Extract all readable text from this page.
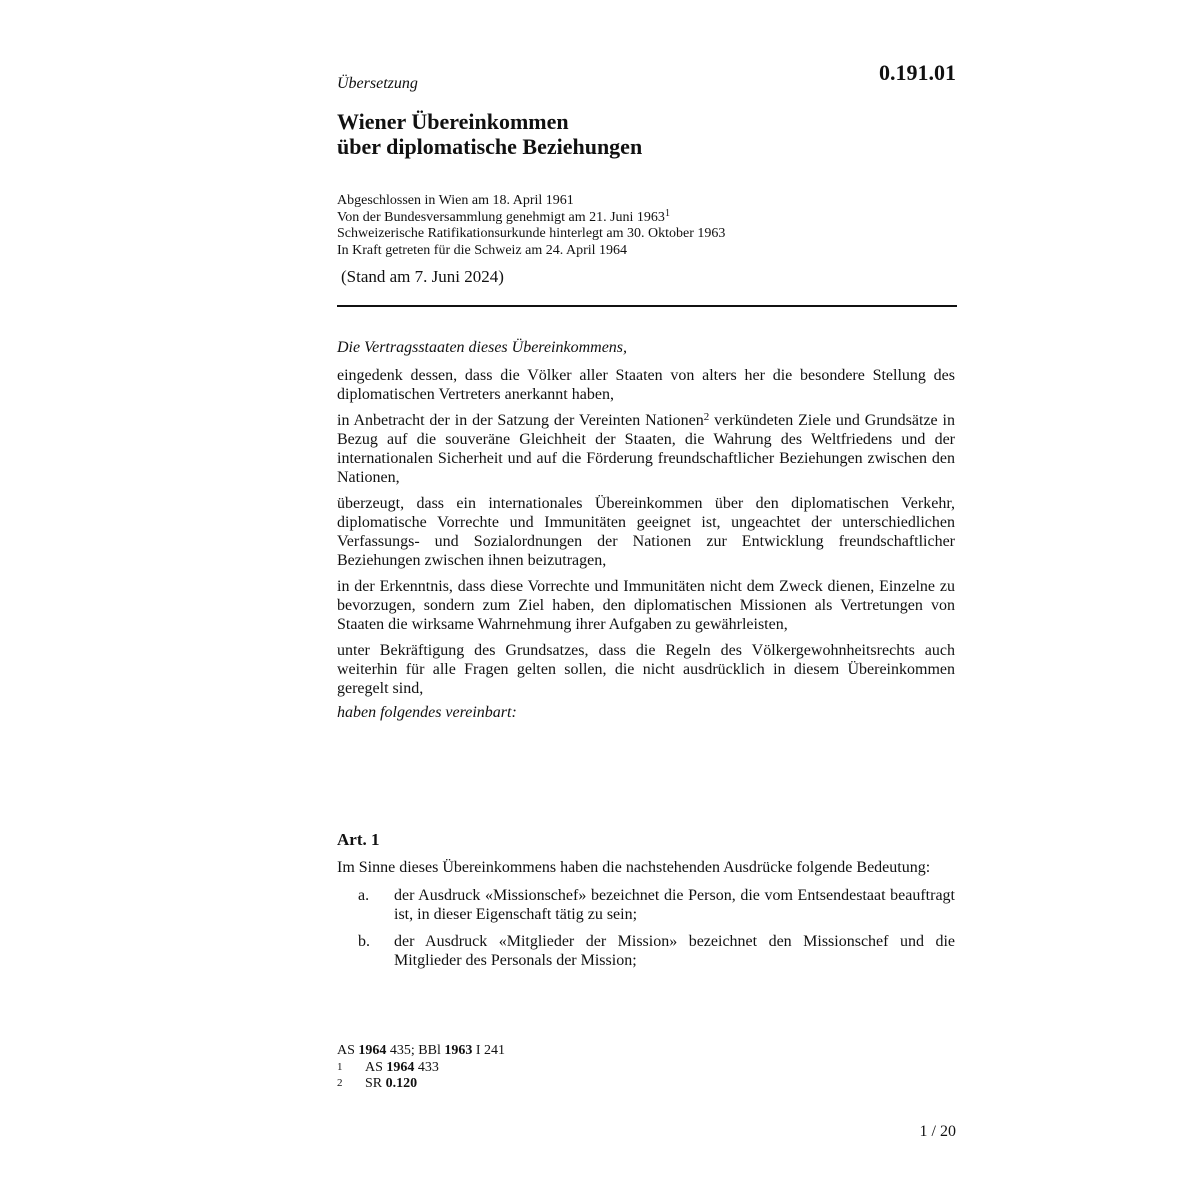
0.191.01
Übersetzung
Wiener Übereinkommen
über diplomatische Beziehungen
Abgeschlossen in Wien am 18. April 1961
Von der Bundesversammlung genehmigt am 21. Juni 1963$^1$
Schweizerische Ratifikationsurkunde hinterlegt am 30. Oktober 1963
In Kraft getreten für die Schweiz am 24. April 1964
(Stand am 7. Juni 2024)

Die Vertragsstaaten dieses Übereinkommens,

eingedenk dessen, dass die Völker aller Staaten von alters her die besondere Stellung des diplomatischen Vertreters anerkannt haben,

in Anbetracht der in der Satzung der Vereinten Nationen$^2$ verkündeten Ziele und Grundsätze in Bezug auf die souveräne Gleichheit der Staaten, die Wahrung des Weltfriedens und der internationalen Sicherheit und auf die Förderung freundschaftlicher Beziehungen zwischen den Nationen,

überzeugt, dass ein internationales Übereinkommen über den diplomatischen Verkehr, diplomatische Vorrechte und Immunitäten geeignet ist, ungeachtet der unterschiedlichen Verfassungs- und Sozialordnungen der Nationen zur Entwicklung freundschaftlicher Beziehungen zwischen ihnen beizutragen,

in der Erkenntnis, dass diese Vorrechte und Immunitäten nicht dem Zweck dienen, Einzelne zu bevorzugen, sondern zum Ziel haben, den diplomatischen Missionen als Vertretungen von Staaten die wirksame Wahrnehmung ihrer Aufgaben zu gewährleisten,

unter Bekräftigung des Grundsatzes, dass die Regeln des Völkergewohnheitsrechts auch weiterhin für alle Fragen gelten sollen, die nicht ausdrücklich in diesem Übereinkommen geregelt sind,

haben folgendes vereinbart:

Art. 1

Im Sinne dieses Übereinkommens haben die nachstehenden Ausdrücke folgende Bedeutung:

a.	der Ausdruck «Missionschef» bezeichnet die Person, die vom Entsendestaat beauftragt ist, in dieser Eigenschaft tätig zu sein;
b.	der Ausdruck «Mitglieder der Mission» bezeichnet den Missionschef und die Mitglieder des Personals der Mission;
AS 1964 435; BBl 1963 I 241
1	AS 1964 433
2	SR 0.120
1 / 20
